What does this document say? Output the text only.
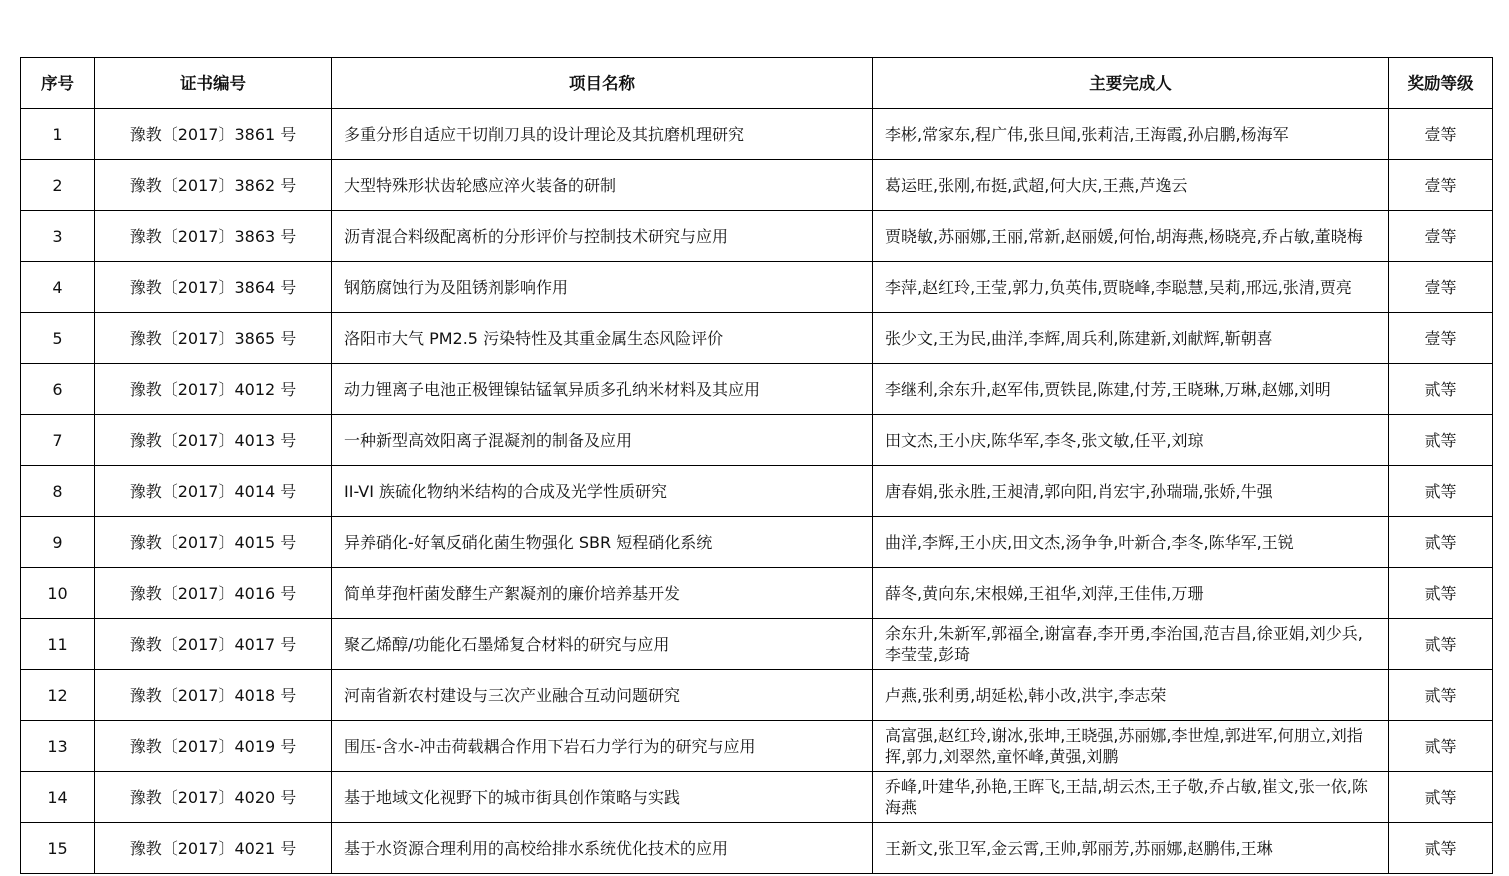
序号	证书编号	项目名称	主要完成人	奖励等级
1	豫教〔2017〕3861 号	多重分形自适应干切削刀具的设计理论及其抗磨机理研究	李彬,常家东,程广伟,张旦闻,张莉洁,王海霞,孙启鹏,杨海军	壹等
2	豫教〔2017〕3862 号	大型特殊形状齿轮感应淬火装备的研制	葛运旺,张刚,布挺,武超,何大庆,王燕,芦逸云	壹等
3	豫教〔2017〕3863 号	沥青混合料级配离析的分形评价与控制技术研究与应用	贾晓敏,苏丽娜,王丽,常新,赵丽媛,何怡,胡海燕,杨晓亮,乔占敏,董晓梅	壹等
4	豫教〔2017〕3864 号	钢筋腐蚀行为及阻锈剂影响作用	李萍,赵红玲,王莹,郭力,负英伟,贾晓峰,李聪慧,吴莉,邢远,张清,贾亮	壹等
5	豫教〔2017〕3865 号	洛阳市大气 PM2.5 污染特性及其重金属生态风险评价	张少文,王为民,曲洋,李辉,周兵利,陈建新,刘献辉,靳朝喜	壹等
6	豫教〔2017〕4012 号	动力锂离子电池正极锂镍钴锰氧异质多孔纳米材料及其应用	李继利,余东升,赵军伟,贾铁昆,陈建,付芳,王晓琳,万琳,赵娜,刘明	贰等
7	豫教〔2017〕4013 号	一种新型高效阳离子混凝剂的制备及应用	田文杰,王小庆,陈华军,李冬,张文敏,任平,刘琼	贰等
8	豫教〔2017〕4014 号	II-VI 族硫化物纳米结构的合成及光学性质研究	唐春娟,张永胜,王昶清,郭向阳,肖宏宇,孙瑞瑞,张娇,牛强	贰等
9	豫教〔2017〕4015 号	异养硝化-好氧反硝化菌生物强化 SBR 短程硝化系统	曲洋,李辉,王小庆,田文杰,汤争争,叶新合,李冬,陈华军,王锐	贰等
10	豫教〔2017〕4016 号	简单芽孢杆菌发酵生产絮凝剂的廉价培养基开发	薛冬,黄向东,宋根娣,王祖华,刘萍,王佳伟,万珊	贰等
11	豫教〔2017〕4017 号	聚乙烯醇/功能化石墨烯复合材料的研究与应用	余东升,朱新军,郭福全,谢富春,李开勇,李治国,范吉昌,徐亚娟,刘少兵,李莹莹,彭琦	贰等
12	豫教〔2017〕4018 号	河南省新农村建设与三次产业融合互动问题研究	卢燕,张利勇,胡延松,韩小改,洪宇,李志荣	贰等
13	豫教〔2017〕4019 号	围压-含水-冲击荷载耦合作用下岩石力学行为的研究与应用	高富强,赵红玲,谢冰,张坤,王晓强,苏丽娜,李世煌,郭进军,何朋立,刘指挥,郭力,刘翠然,童怀峰,黄强,刘鹏	贰等
14	豫教〔2017〕4020 号	基于地域文化视野下的城市街具创作策略与实践	乔峰,叶建华,孙艳,王晖飞,王喆,胡云杰,王子敬,乔占敏,崔文,张一依,陈海燕	贰等
15	豫教〔2017〕4021 号	基于水资源合理利用的高校给排水系统优化技术的应用	王新文,张卫军,金云霄,王帅,郭丽芳,苏丽娜,赵鹏伟,王琳	贰等
